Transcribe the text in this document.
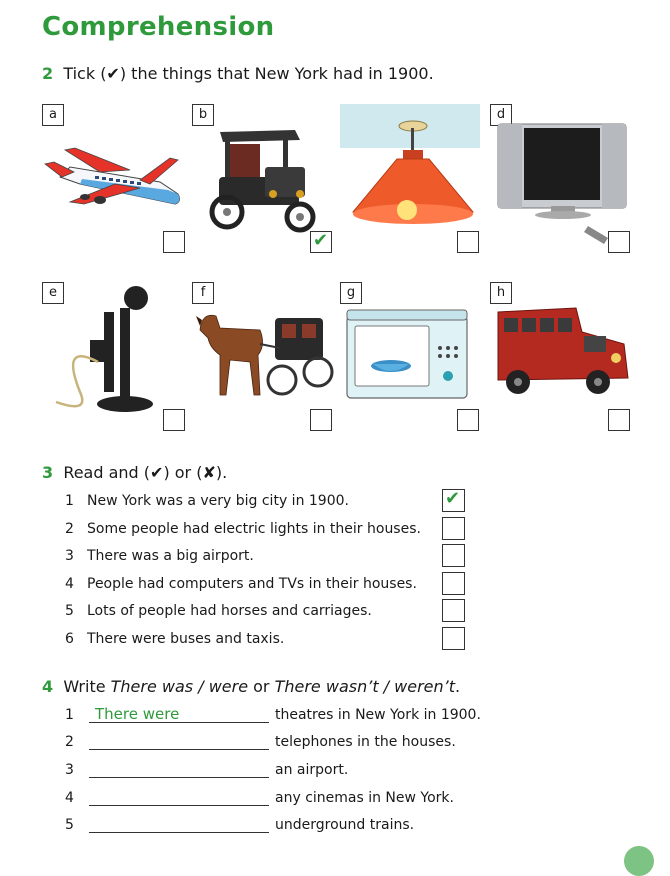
Comprehension
2 Tick (✔) the things that New York had in 1900.
a	b	d
✔
e	f	g	h
3 Read and (✔) or (✘).
1 New York was a very big city in 1900.	✔
2 Some people had electric lights in their houses.
3 There was a big airport.
4 People had computers and TVs in their houses.
5 Lots of people had horses and carriages.
6 There were buses and taxis.
4 Write There was / were or There wasn’t / weren’t.
1 There were	theatres in New York in 1900.
2	telephones in the houses.
3	an airport.
4	any cinemas in New York.
5	underground trains.
